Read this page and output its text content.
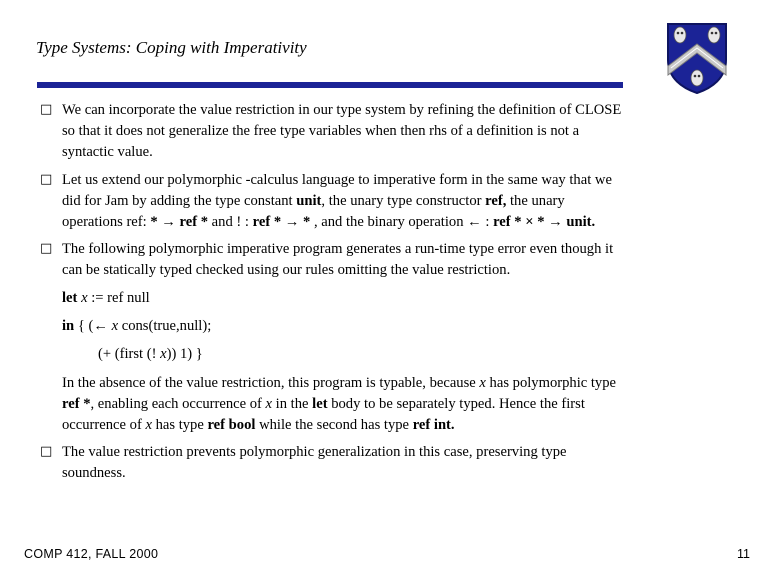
Type Systems: Coping with Imperativity
□ We can incorporate the value restriction in our type system by refining the definition of CLOSE
so that it does not generalize the free type variables when then rhs of a definition is not a
syntactic value.
□ Let us extend our polymorphic -calculus language to imperative form in the same way that we
did for Jam by adding the type constant unit, the unary type constructor ref, the unary
operations ref: * → ref * and ! : ref * → * , and the binary operation ← : ref * × * → unit.
□ The following polymorphic imperative program generates a run-time type error even though it
can be statically typed checked using our rules omitting the value restriction.
let x := ref null
in { (← x cons(true,null);
(+ (first (! x)) 1) }
In the absence of the value restriction, this program is typable, because x has polymorphic type
ref *, enabling each occurrence of x in the let body to be separately typed. Hence the first
occurrence of x has type ref bool while the second has type ref int.
□ The value restriction prevents polymorphic generalization in this case, preserving type
soundness.
COMP 412, FALL 2000	11
